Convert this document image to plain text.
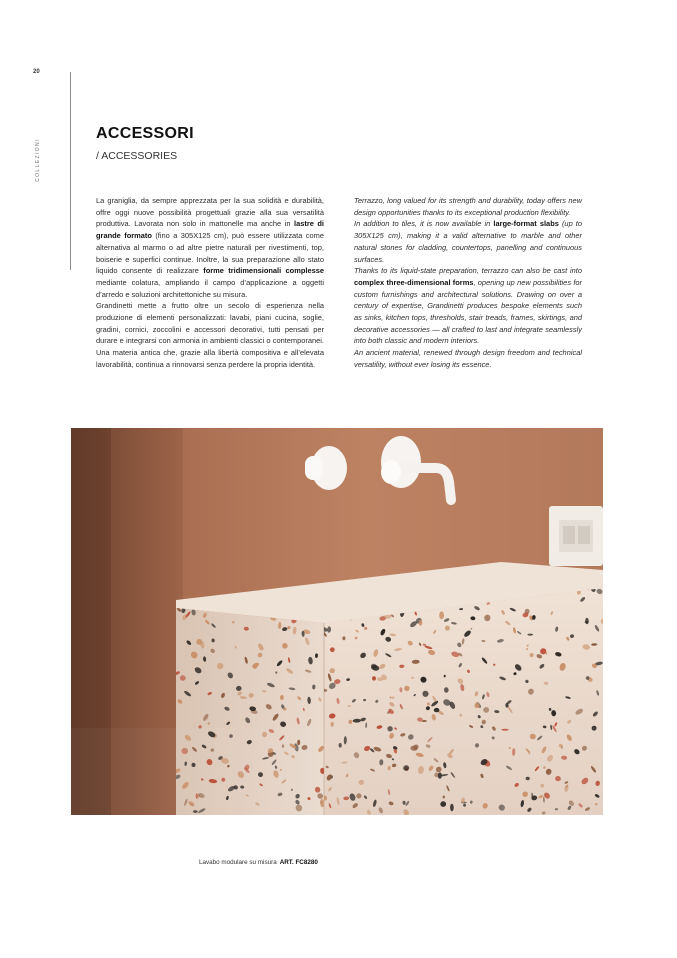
20
COLLEZIONI
ACCESSORI
/ ACCESSORIES

La graniglia, da sempre apprezzata per la sua solidità e durabilità, offre oggi nuove possibilità progettuali grazie alla sua versatilità produttiva. Lavorata non solo in mattonelle ma anche in lastre di grande formato (fino a 305X125 cm), può essere utilizzata come alternativa al marmo o ad altre pietre naturali per rivestimenti, top, boiserie e superfici continue. Inoltre, la sua preparazione allo stato liquido consente di realizzare forme tridimensionali complesse mediante colatura, ampliando il campo d’applicazione a oggetti d’arredo e soluzioni architettoniche su misura.

Grandinetti mette a frutto oltre un secolo di esperienza nella produzione di elementi personalizzati: lavabi, piani cucina, soglie, gradini, cornici, zoccolini e accessori decorativi, tutti pensati per durare e integrarsi con armonia in ambienti classici o contemporanei. Una materia antica che, grazie alla libertà compositiva e all’elevata lavorabilità, continua a rinnovarsi senza perdere la propria identità.

Terrazzo, long valued for its strength and durability, today offers new design opportunities thanks to its exceptional production flexibility.

In addition to tiles, it is now available in large-format slabs (up to 305X125 cm), making it a valid alternative to marble and other natural stones for cladding, countertops, panelling and continuous surfaces.

Thanks to its liquid-state preparation, terrazzo can also be cast into complex three-dimensional forms, opening up new possibilities for custom furnishings and architectural solutions. Drawing on over a century of expertise, Grandinetti produces bespoke elements such as sinks, kitchen tops, thresholds, stair treads, frames, skirtings, and decorative accessories — all crafted to last and integrate seamlessly into both classic and modern interiors.

An ancient material, renewed through design freedom and technical versatility, without ever losing its essence.

Lavabo modulare su misura ART. FC8280
